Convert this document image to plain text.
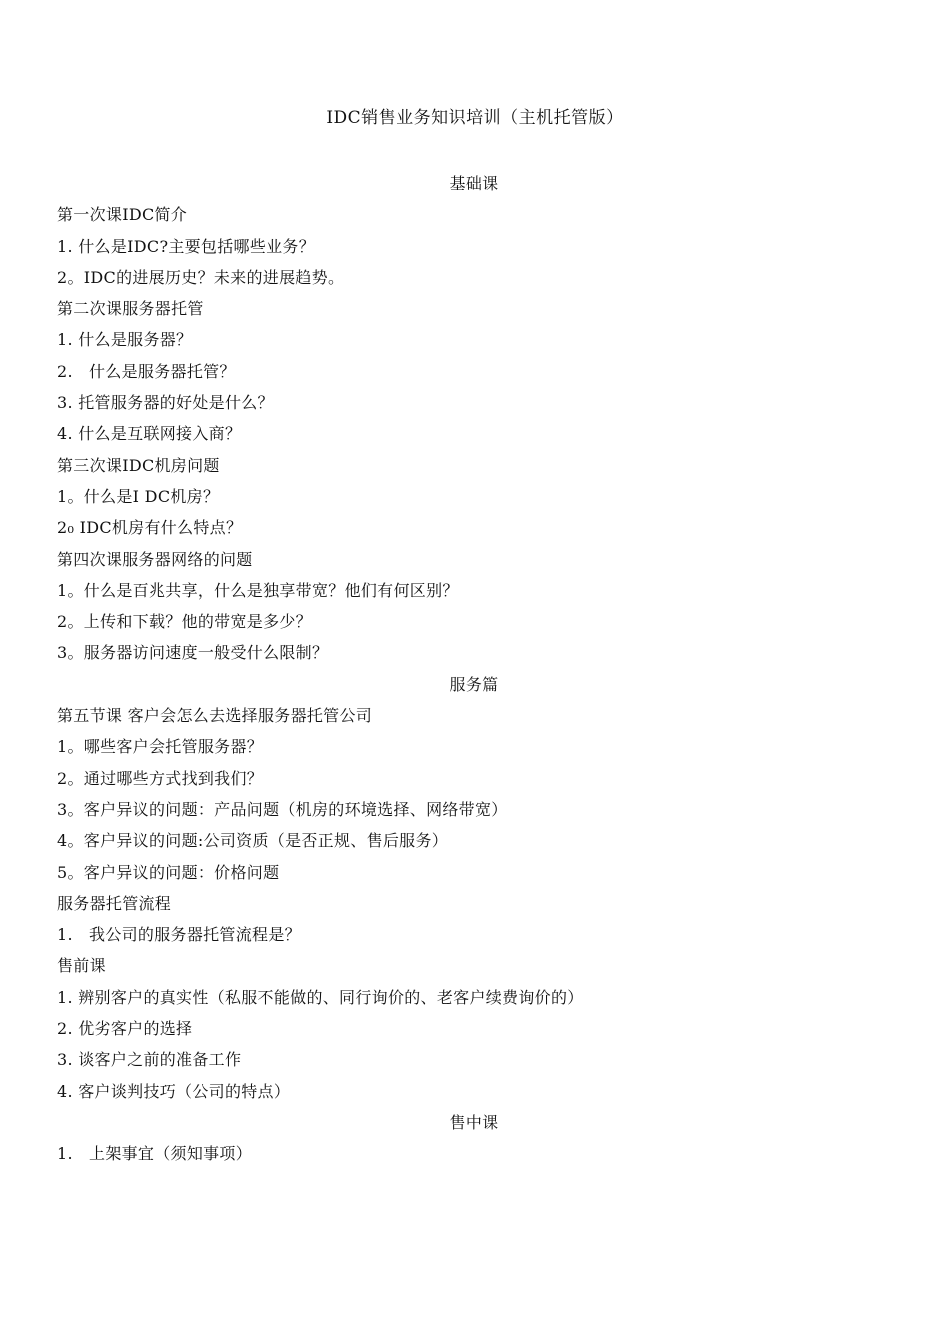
IDC销售业务知识培训（主机托管版）
基础课
第一次课IDC简介
1. 什么是IDC?主要包括哪些业务？
2。IDC的进展历史？未来的进展趋势。
第二次课服务器托管
1. 什么是服务器？
2.   什么是服务器托管？
3. 托管服务器的好处是什么？
4. 什么是互联网接入商？
第三次课IDC机房问题
1。什么是I DC机房？
2₀ IDC机房有什么特点？
第四次课服务器网络的问题
1。什么是百兆共享，什么是独享带宽？他们有何区别？
2。上传和下载？他的带宽是多少？
3。服务器访问速度一般受什么限制？
服务篇
第五节课 客户会怎么去选择服务器托管公司
1。哪些客户会托管服务器？
2。通过哪些方式找到我们？
3。客户异议的问题：产品问题（机房的环境选择、网络带宽）
4。客户异议的问题:公司资质（是否正规、售后服务）
5。客户异议的问题：价格问题
服务器托管流程
1.   我公司的服务器托管流程是？
售前课
1. 辨别客户的真实性（私服不能做的、同行询价的、老客户续费询价的）
2. 优劣客户的选择
3. 谈客户之前的准备工作
4. 客户谈判技巧（公司的特点）
售中课
1.   上架事宜（须知事项）
